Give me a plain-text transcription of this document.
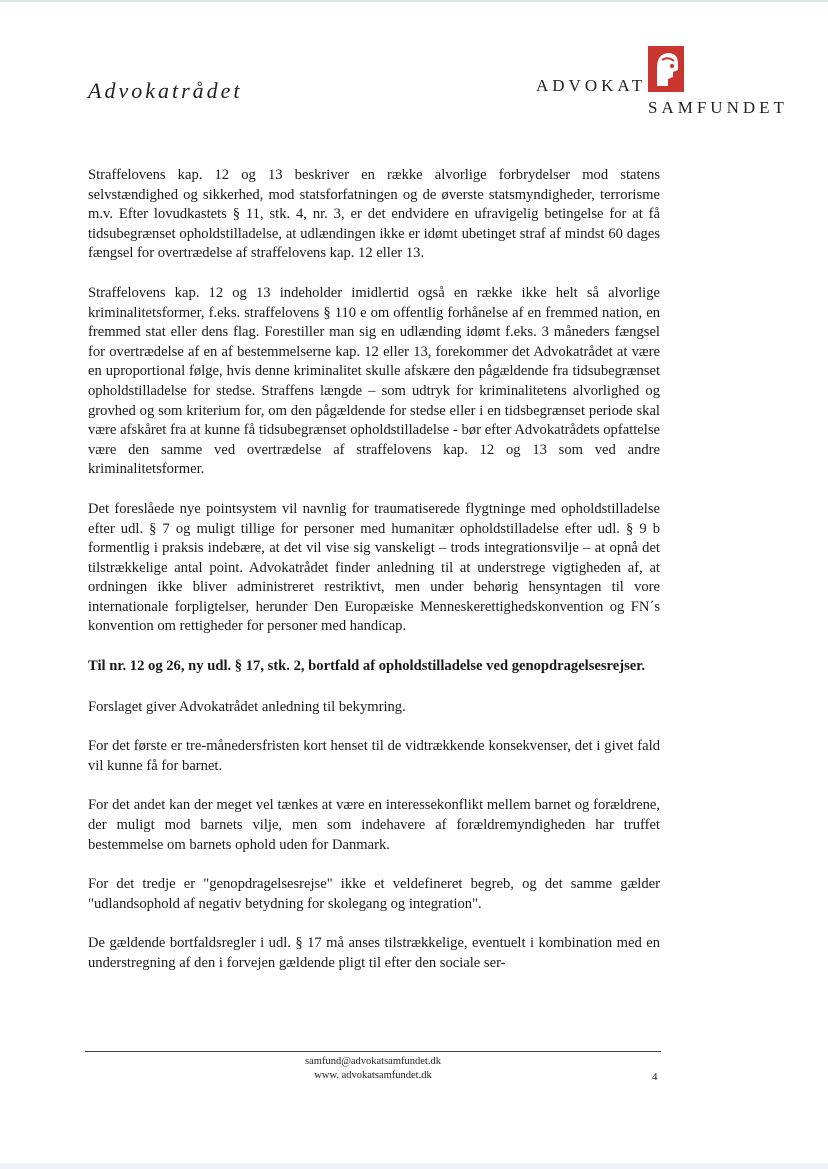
Advokatrådet	ADVOKAT
SAMFUNDET

Straffelovens kap. 12 og 13 beskriver en række alvorlige forbrydelser mod statens selvstændighed og sikkerhed, mod statsforfatningen og de øverste statsmyndigheder, terrorisme m.v. Efter lovudkastets § 11, stk. 4, nr. 3, er det endvidere en ufravigelig betingelse for at få tidsubegrænset opholdstilladelse, at udlændingen ikke er idømt ubetinget straf af mindst 60 dages fængsel for overtrædelse af straffelovens kap. 12 eller 13.

Straffelovens kap. 12 og 13 indeholder imidlertid også en række ikke helt så alvorlige kriminalitetsformer, f.eks. straffelovens § 110 e om offentlig forhånelse af en fremmed nation, en fremmed stat eller dens flag. Forestiller man sig en udlænding idømt f.eks. 3 måneders fængsel for overtrædelse af en af bestemmelserne kap. 12 eller 13, forekommer det Advokatrådet at være en uproportional følge, hvis denne kriminalitet skulle afskære den pågældende fra tidsubegrænset opholdstilladelse for stedse. Straffens længde – som udtryk for kriminalitetens alvorlighed og grovhed og som kriterium for, om den pågældende for stedse eller i en tidsbegrænset periode skal være afskåret fra at kunne få tidsubegrænset opholdstilladelse - bør efter Advokatrådets opfattelse være den samme ved overtrædelse af straffelovens kap. 12 og 13 som ved andre kriminalitetsformer.

Det foreslåede nye pointsystem vil navnlig for traumatiserede flygtninge med opholdstilladelse efter udl. § 7 og muligt tillige for personer med humanitær opholdstilladelse efter udl. § 9 b formentlig i praksis indebære, at det vil vise sig vanskeligt – trods integrationsvilje – at opnå det tilstrækkelige antal point. Advokatrådet finder anledning til at understrege vigtigheden af, at ordningen ikke bliver administreret restriktivt, men under behørig hensyntagen til vore internationale forpligtelser, herunder Den Europæiske Menneskerettighedskonvention og FN´s konvention om rettigheder for personer med handicap.

Til nr. 12 og 26, ny udl. § 17, stk. 2, bortfald af opholdstilladelse ved genopdragelsesrejser.

Forslaget giver Advokatrådet anledning til bekymring.

For det første er tre-månedersfristen kort henset til de vidtrækkende konsekvenser, det i givet fald vil kunne få for barnet.

For det andet kan der meget vel tænkes at være en interessekonflikt mellem barnet og forældrene, der muligt mod barnets vilje, men som indehavere af forældremyndigheden har truffet bestemmelse om barnets ophold uden for Danmark.

For det tredje er "genopdragelsesrejse" ikke et veldefineret begreb, og det samme gælder "udlandsophold af negativ betydning for skolegang og integration".

De gældende bortfaldsregler i udl. § 17 må anses tilstrækkelige, eventuelt i kombination med en understregning af den i forvejen gældende pligt til efter den sociale ser-

samfund@advokatsamfundet.dk
www. advokatsamfundet.dk	4
